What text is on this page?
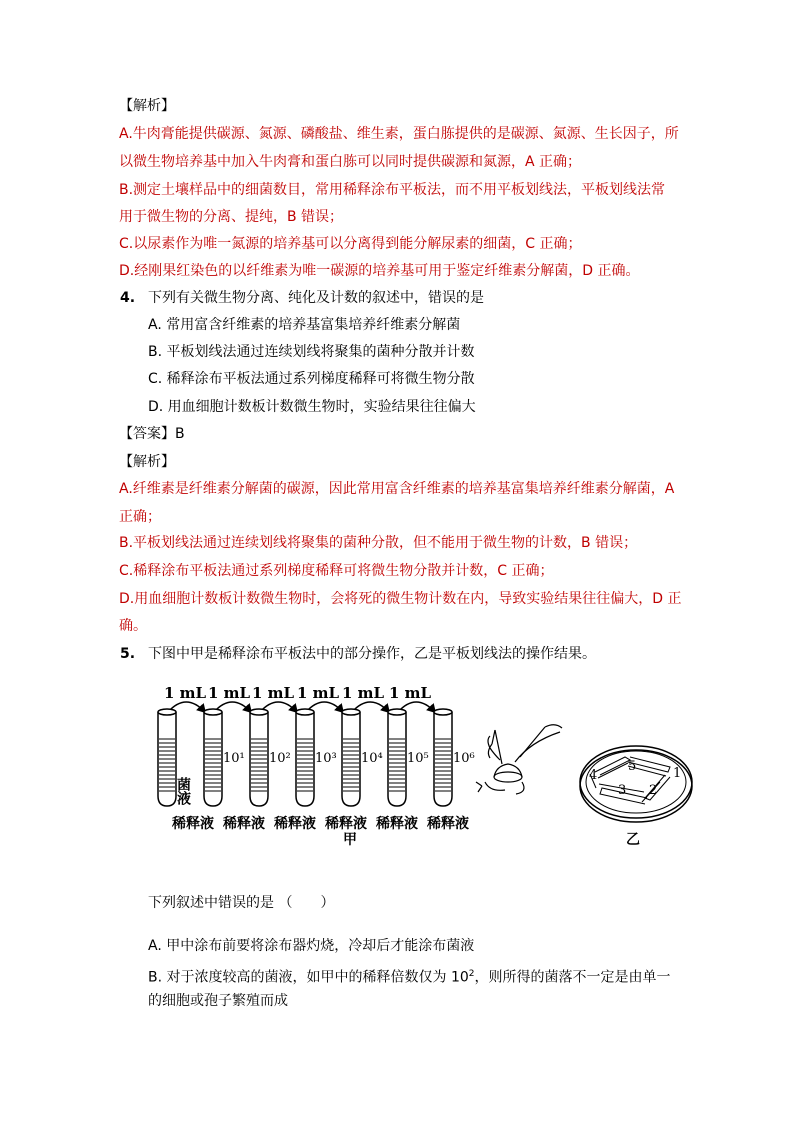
【解析】
A.牛肉膏能提供碳源、氮源、磷酸盐、维生素，蛋白胨提供的是碳源、氮源、生长因子，所
以微生物培养基中加入牛肉膏和蛋白胨可以同时提供碳源和氮源，A 正确；
B.测定土壤样品中的细菌数目，常用稀释涂布平板法，而不用平板划线法，平板划线法常
用于微生物的分离、提纯，B 错误；
C.以尿素作为唯一氮源的培养基可以分离得到能分解尿素的细菌，C 正确；
D.经刚果红染色的以纤维素为唯一碳源的培养基可用于鉴定纤维素分解菌，D 正确。
4. 下列有关微生物分离、纯化及计数的叙述中，错误的是
A. 常用富含纤维素的培养基富集培养纤维素分解菌
B. 平板划线法通过连续划线将聚集的菌种分散并计数
C. 稀释涂布平板法通过系列梯度稀释可将微生物分散
D. 用血细胞计数板计数微生物时，实验结果往往偏大
【答案】B
【解析】
A.纤维素是纤维素分解菌的碳源，因此常用富含纤维素的培养基富集培养纤维素分解菌，A
正确；
B.平板划线法通过连续划线将聚集的菌种分散，但不能用于微生物的计数，B 错误；
C.稀释涂布平板法通过系列梯度稀释可将微生物分散并计数，C 正确；
D.用血细胞计数板计数微生物时，会将死的微生物计数在内，导致实验结果往往偏大，D 正
确。
5. 下图中甲是稀释涂布平板法中的部分操作，乙是平板划线法的操作结果。
1 mL 1 mL 1 mL 1 mL 1 mL 1 mL
菌液
10¹ 10² 10³ 10⁴ 10⁵ 10⁶
稀释液 稀释液 稀释液 稀释液 稀释液 稀释液
甲
4
5	1
2
3
乙
下列叙述中错误的是 （　　）
A. 甲中涂布前要将涂布器灼烧，冷却后才能涂布菌液
B. 对于浓度较高的菌液，如甲中的稀释倍数仅为 $10^2$，则所得的菌落不一定是由单一
的细胞或孢子繁殖而成
